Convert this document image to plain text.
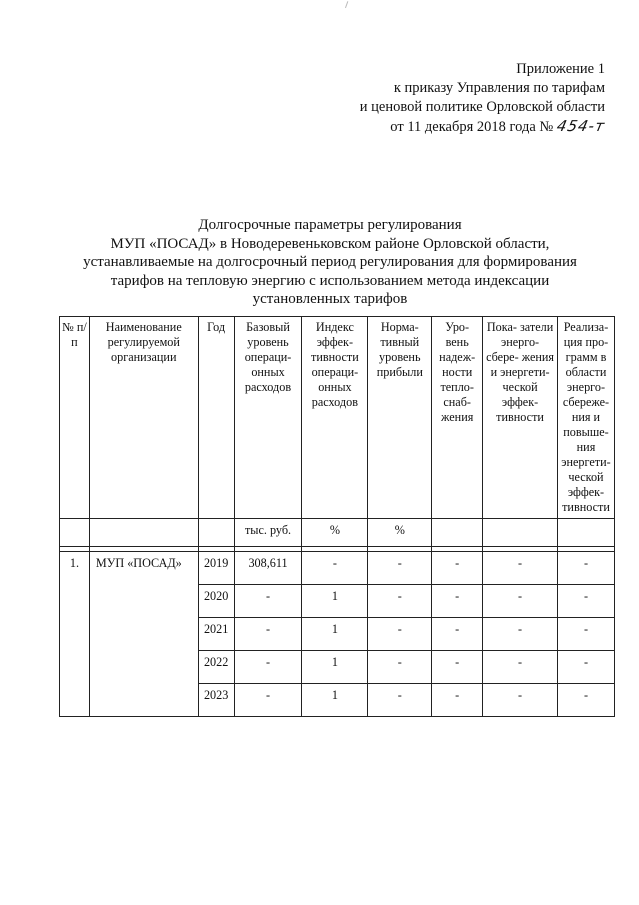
Приложение 1
к приказу Управления по тарифам
и ценовой политике Орловской области
от 11 декабря 2018 года № 454-т
Долгосрочные параметры регулирования
МУП «ПОСАД» в Новодеревеньковском районе Орловской области,
устанавливаемые на долгосрочный период регулирования для формирования
тарифов на тепловую энергию с использованием метода индексации
установленных тарифов
№ п/п	Наименование регулируемой организации	Год	Базовый уровень операци- онных расходов	Индекс эффек- тивности операци- онных расходов	Норма- тивный уровень прибыли	Уро- вень надеж- ности тепло- снаб- жения	Пока- затели энерго- сбере- жения и энергети- ческой эффек- тивности	Реализа- ция про- грамм в области энерго- сбереже- ния и повыше- ния энергети- ческой эффек- тивности
			тыс. руб.	%	%			

1.	МУП «ПОСАД»	2019	308,611	-	-	-	-	-
		2020	-	1	-	-	-	-
		2021	-	1	-	-	-	-
		2022	-	1	-	-	-	-
		2023	-	1	-	-	-	-
